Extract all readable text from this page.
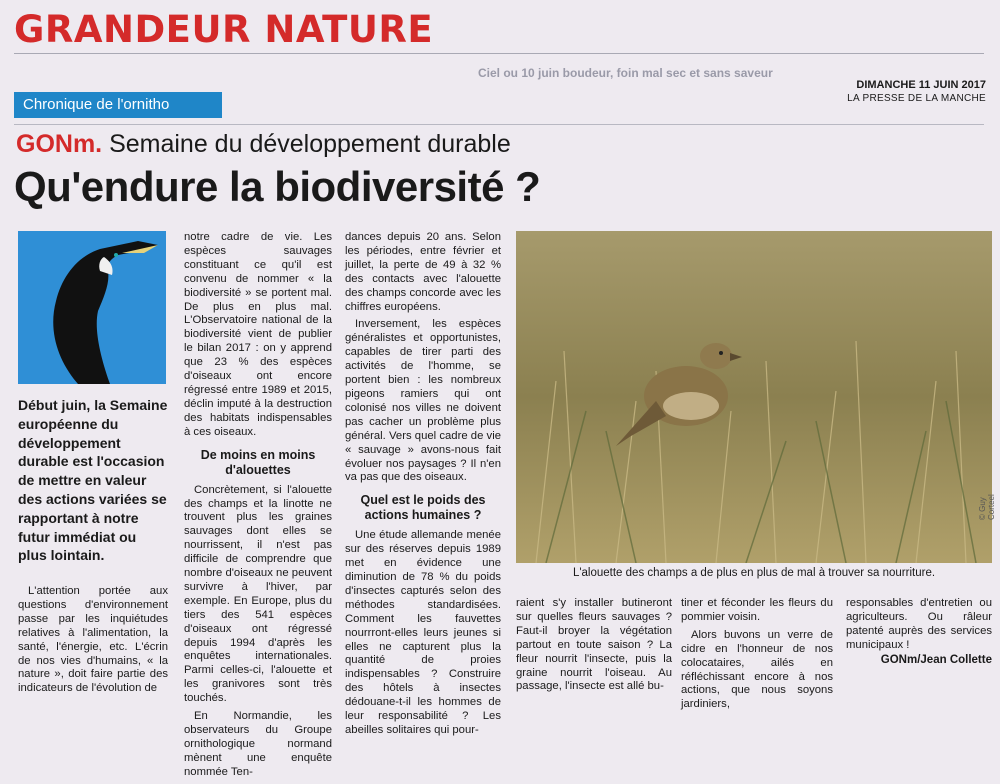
GRANDEUR NATURE
Ciel ou 10 juin boudeur, foin mal sec et sans saveur
DIMANCHE 11 JUIN 2017
LA PRESSE DE LA MANCHE
Chronique de l'ornitho
GONm. Semaine du développement durable
Qu'endure la biodiversité ?
Début juin, la Semaine européenne du développement durable est l'occasion de mettre en valeur des actions variées se rapportant à notre futur immédiat ou plus lointain.

L'attention portée aux questions d'environnement passe par les inquiétudes relatives à l'alimentation, la santé, l'énergie, etc. L'écrin de nos vies d'humains, « la nature », doit faire partie des indicateurs de l'évolution de

notre cadre de vie. Les espèces sauvages constituant ce qu'il est convenu de nommer « la biodiversité » se portent mal. De plus en plus mal. L'Observatoire national de la biodiversité vient de publier le bilan 2017 : on y apprend que 23 % des espèces d'oiseaux ont encore régressé entre 1989 et 2015, déclin imputé à la destruction des habitats indispensables à ces oiseaux.

De moins en moins d'alouettes

Concrètement, si l'alouette des champs et la linotte ne trouvent plus les graines sauvages dont elles se nourrissent, il n'est pas difficile de comprendre que nombre d'oiseaux ne peuvent survivre à l'hiver, par exemple. En Europe, plus du tiers des 541 espèces d'oiseaux ont régressé depuis 1994 d'après les enquêtes internationales. Parmi celles-ci, l'alouette et les granivores sont très touchés.

En Normandie, les observateurs du Groupe ornithologique normand mènent une enquête nommée Ten-

dances depuis 20 ans. Selon les périodes, entre février et juillet, la perte de 49 à 32 % des contacts avec l'alouette des champs concorde avec les chiffres européens.

Inversement, les espèces généralistes et opportunistes, capables de tirer parti des activités de l'homme, se portent bien : les nombreux pigeons ramiers qui ont colonisé nos villes ne doivent pas cacher un problème plus général. Vers quel cadre de vie « sauvage » avons-nous fait évoluer nos paysages ? Il n'en va pas que des oiseaux.

Quel est le poids des actions humaines ?

Une étude allemande menée sur des réserves depuis 1989 met en évidence une diminution de 78 % du poids d'insectes capturés selon des méthodes standardisées. Comment les fauvettes nourrront-elles leurs jeunes si elles ne capturent plus la quantité de proies indispensables ? Construire des hôtels à insectes dédouane-t-il les hommes de leur responsabilité ? Les abeilles solitaires qui pour-

© Guy Corteel
L'alouette des champs a de plus en plus de mal à trouver sa nourriture.

raient s'y installer butineront sur quelles fleurs sauvages ? Faut-il broyer la végétation partout en toute saison ? La fleur nourrit l'insecte, puis la graine nourrit l'oiseau. Au passage, l'insecte est allé bu-

tiner et féconder les fleurs du pommier voisin.

Alors buvons un verre de cidre en l'honneur de nos colocataires, ailés en réfléchissant encore à nos actions, que nous soyons jardiniers,

responsables d'entretien ou agriculteurs. Ou râleur patenté auprès des services municipaux !

GONm/Jean Collette
